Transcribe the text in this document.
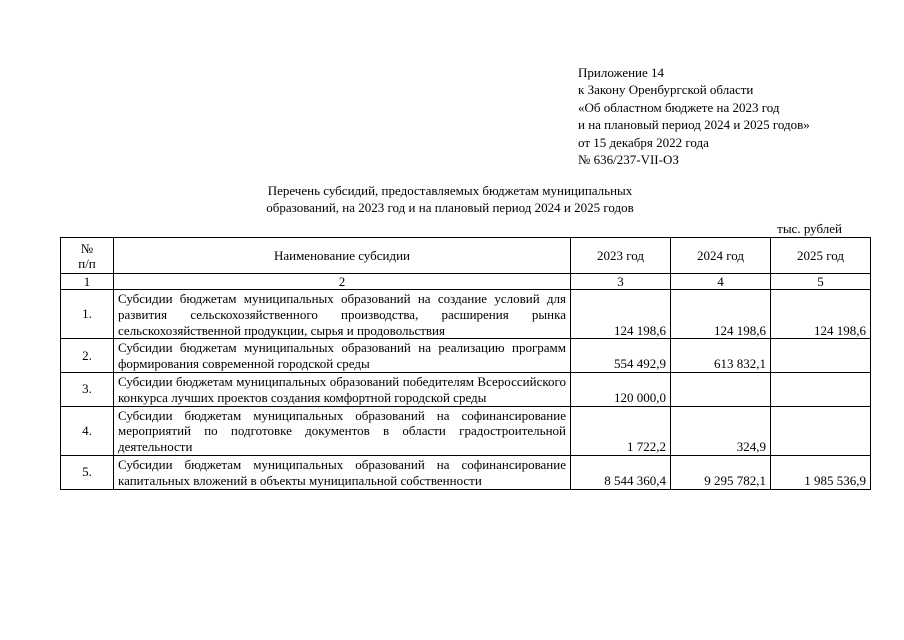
Приложение 14
к Закону Оренбургской области
«Об областном бюджете на 2023 год
и на плановый период 2024 и 2025 годов»
от 15 декабря 2022 года
№ 636/237-VII-ОЗ
Перечень субсидий, предоставляемых бюджетам муниципальных
образований, на 2023 год и на плановый период 2024 и 2025 годов
тыс. рублей
№
п/п	Наименование субсидии	2023 год	2024 год	2025 год
1	2	3	4	5
1.	Субсидии бюджетам муниципальных образований на создание условий для развития сельскохозяйственного производства, расширения рынка сельскохозяйственной продукции, сырья и продовольствия	124 198,6	124 198,6	124 198,6
2.	Субсидии бюджетам муниципальных образований на реализацию программ формирования современной городской среды	554 492,9	613 832,1	
3.	Субсидии бюджетам муниципальных образований победителям Всероссийского конкурса лучших проектов создания комфортной городской среды	120 000,0		
4.	Субсидии бюджетам муниципальных образований на софинансирование мероприятий по подготовке документов в области градостроительной деятельности	1 722,2	324,9	
5.	Субсидии бюджетам муниципальных образований на софинансирование капитальных вложений в объекты муниципальной собственности	8 544 360,4	9 295 782,1	1 985 536,9
